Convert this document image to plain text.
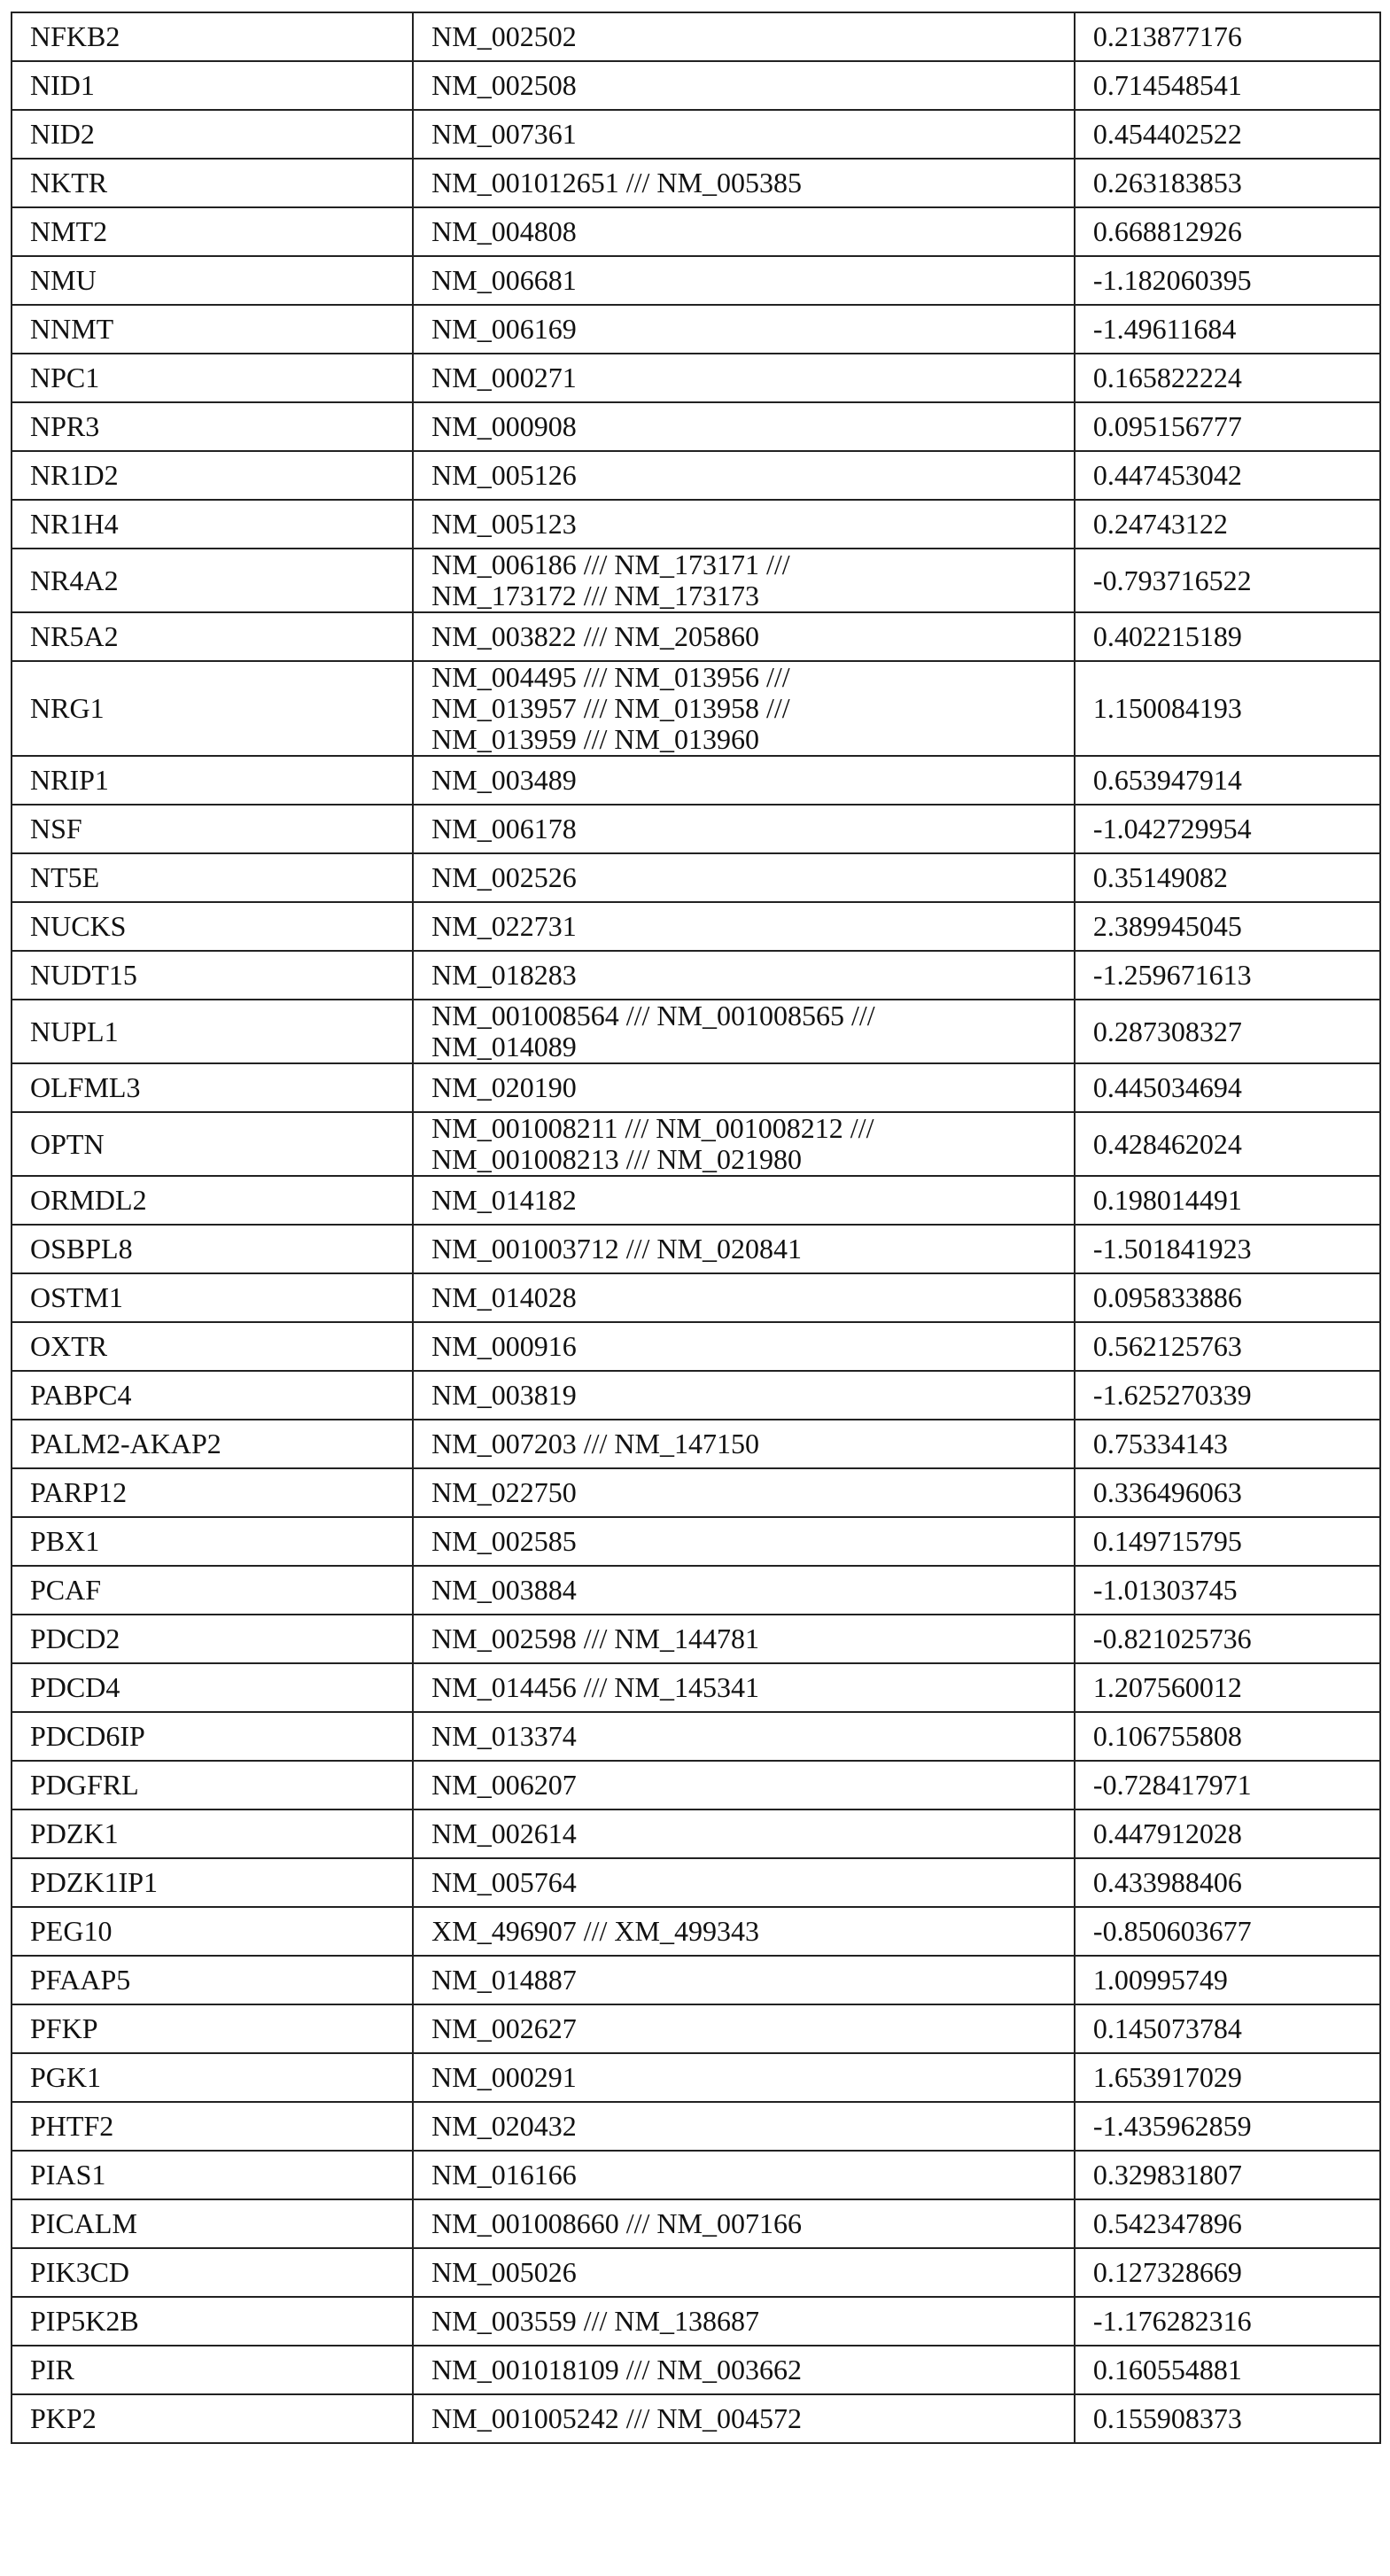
NFKB2	NM_002502	0.213877176
NID1	NM_002508	0.714548541
NID2	NM_007361	0.454402522
NKTR	NM_001012651 /// NM_005385	0.263183853
NMT2	NM_004808	0.668812926
NMU	NM_006681	-1.182060395
NNMT	NM_006169	-1.49611684
NPC1	NM_000271	0.165822224
NPR3	NM_000908	0.095156777
NR1D2	NM_005126	0.447453042
NR1H4	NM_005123	0.24743122
NR4A2	NM_006186 /// NM_173171 ///
NM_173172 /// NM_173173	-0.793716522
NR5A2	NM_003822 /// NM_205860	0.402215189
NRG1	NM_004495 /// NM_013956 ///
NM_013957 /// NM_013958 ///
NM_013959 /// NM_013960	1.150084193
NRIP1	NM_003489	0.653947914
NSF	NM_006178	-1.042729954
NT5E	NM_002526	0.35149082
NUCKS	NM_022731	2.389945045
NUDT15	NM_018283	-1.259671613
NUPL1	NM_001008564 /// NM_001008565 ///
NM_014089	0.287308327
OLFML3	NM_020190	0.445034694
OPTN	NM_001008211 /// NM_001008212 ///
NM_001008213 /// NM_021980	0.428462024
ORMDL2	NM_014182	0.198014491
OSBPL8	NM_001003712 /// NM_020841	-1.501841923
OSTM1	NM_014028	0.095833886
OXTR	NM_000916	0.562125763
PABPC4	NM_003819	-1.625270339
PALM2-AKAP2	NM_007203 /// NM_147150	0.75334143
PARP12	NM_022750	0.336496063
PBX1	NM_002585	0.149715795
PCAF	NM_003884	-1.01303745
PDCD2	NM_002598 /// NM_144781	-0.821025736
PDCD4	NM_014456 /// NM_145341	1.207560012
PDCD6IP	NM_013374	0.106755808
PDGFRL	NM_006207	-0.728417971
PDZK1	NM_002614	0.447912028
PDZK1IP1	NM_005764	0.433988406
PEG10	XM_496907 /// XM_499343	-0.850603677
PFAAP5	NM_014887	1.00995749
PFKP	NM_002627	0.145073784
PGK1	NM_000291	1.653917029
PHTF2	NM_020432	-1.435962859
PIAS1	NM_016166	0.329831807
PICALM	NM_001008660 /// NM_007166	0.542347896
PIK3CD	NM_005026	0.127328669
PIP5K2B	NM_003559 /// NM_138687	-1.176282316
PIR	NM_001018109 /// NM_003662	0.160554881
PKP2	NM_001005242 /// NM_004572	0.155908373
